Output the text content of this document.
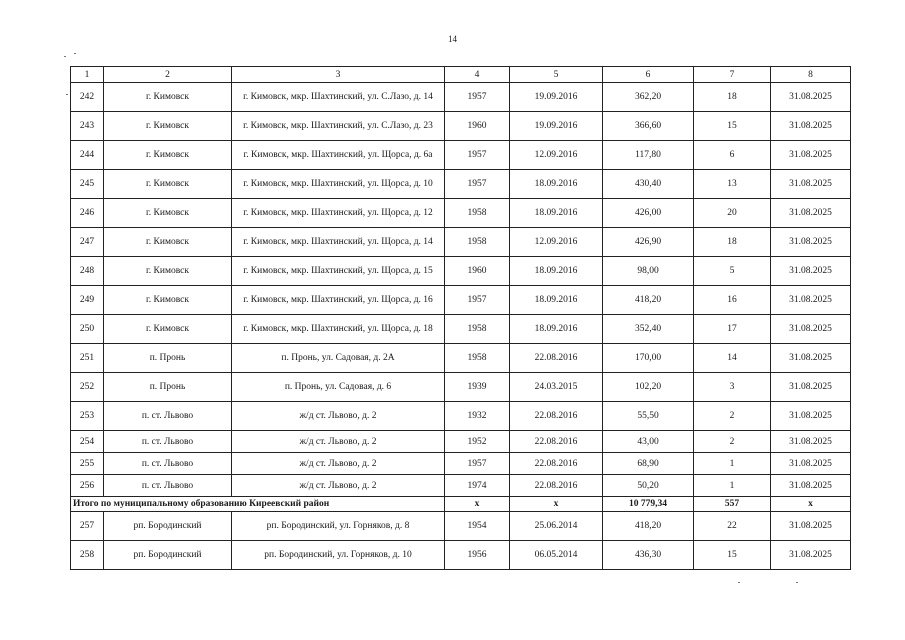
14
1	2	3	4	5	6	7	8
242	г. Кимовск	г. Кимовск, мкр. Шахтинский, ул. С.Лазо, д. 14	1957	19.09.2016	362,20	18	31.08.2025
243	г. Кимовск	г. Кимовск, мкр. Шахтинский, ул. С.Лазо, д. 23	1960	19.09.2016	366,60	15	31.08.2025
244	г. Кимовск	г. Кимовск, мкр. Шахтинский, ул. Щорса, д. 6а	1957	12.09.2016	117,80	6	31.08.2025
245	г. Кимовск	г. Кимовск, мкр. Шахтинский, ул. Щорса, д. 10	1957	18.09.2016	430,40	13	31.08.2025
246	г. Кимовск	г. Кимовск, мкр. Шахтинский, ул. Щорса, д. 12	1958	18.09.2016	426,00	20	31.08.2025
247	г. Кимовск	г. Кимовск, мкр. Шахтинский, ул. Щорса, д. 14	1958	12.09.2016	426,90	18	31.08.2025
248	г. Кимовск	г. Кимовск, мкр. Шахтинский, ул. Щорса, д. 15	1960	18.09.2016	98,00	5	31.08.2025
249	г. Кимовск	г. Кимовск, мкр. Шахтинский, ул. Щорса, д. 16	1957	18.09.2016	418,20	16	31.08.2025
250	г. Кимовск	г. Кимовск, мкр. Шахтинский, ул. Щорса, д. 18	1958	18.09.2016	352,40	17	31.08.2025
251	п. Пронь	п. Пронь, ул. Садовая, д. 2А	1958	22.08.2016	170,00	14	31.08.2025
252	п. Пронь	п. Пронь, ул. Садовая, д. 6	1939	24.03.2015	102,20	3	31.08.2025
253	п. ст. Львово	ж/д ст. Львово, д. 2	1932	22.08.2016	55,50	2	31.08.2025
254	п. ст. Львово	ж/д ст. Львово, д. 2	1952	22.08.2016	43,00	2	31.08.2025
255	п. ст. Львово	ж/д ст. Львово, д. 2	1957	22.08.2016	68,90	1	31.08.2025
256	п. ст. Львово	ж/д ст. Львово, д. 2	1974	22.08.2016	50,20	1	31.08.2025
Итого по муниципальному образованию Киреевский район			x	x	10 779,34	557	x
257	рп. Бородинский	рп. Бородинский, ул. Горняков, д. 8	1954	25.06.2014	418,20	22	31.08.2025
258	рп. Бородинский	рп. Бородинский, ул. Горняков, д. 10	1956	06.05.2014	436,30	15	31.08.2025
